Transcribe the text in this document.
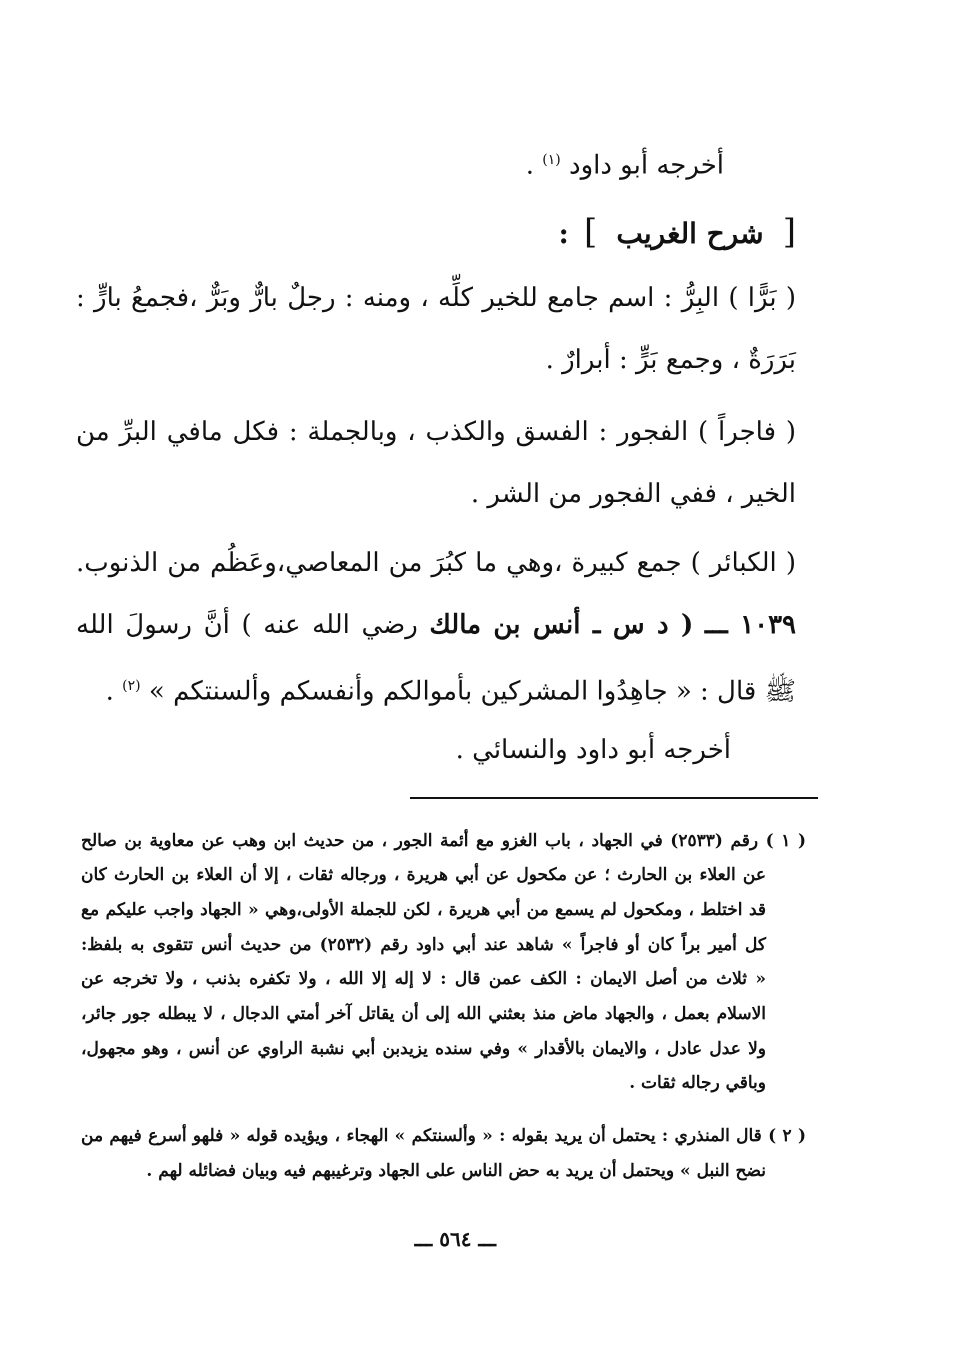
أخرجه أبو داود $^{(١)}$ .

[ شرح الغريب ] :

( بَرًّا ) البِرُّ : اسم جامع للخير كلِّه ، ومنه : رجلٌ بارٌّ وبَرٌّ ،فجمعُ بارٍّ :

بَرَرَةٌ ، وجمع بَرٍّ : أبرارٌ .

( فاجراً ) الفجور : الفسق والكذب ، وبالجملة : فكل مافي البرِّ من

الخير ، ففي الفجور من الشر .

( الكبائر ) جمع كبيرة ،وهي ما كبُرَ من المعاصي،وعَظُم من الذنوب.

١٠٣٩ ـــ ( د س ـ أنس بن مالك رضي الله عنه ) أنَّ رسولَ الله

ﷺ قال : « جاهِدُوا المشركين بأموالكم وأنفسكم وألسنتكم » $^{(٢)}$ .

أخرجه أبو داود والنسائي .

( ١ ) رقم (٢٥٣٣) في الجهاد ، باب الغزو مع أئمة الجور ، من حديث ابن وهب عن معاوية بن صالح

عن العلاء بن الحارث ؛ عن مكحول عن أبي هريرة ، ورجاله ثقات ، إلا أن العلاء بن الحارث كان

قد اختلط ، ومكحول لم يسمع من أبي هريرة ، لكن للجملة الأولى،وهي « الجهاد واجب عليكم مع

كل أمير براً كان أو فاجراً » شاهد عند أبي داود رقم (٢٥٣٢) من حديث أنس تتقوى به بلفظ:

« ثلاث من أصل الايمان : الكف عمن قال : لا إله إلا الله ، ولا تكفره بذنب ، ولا تخرجه عن

الاسلام بعمل ، والجهاد ماض منذ بعثني الله إلى أن يقاتل آخر أمتي الدجال ، لا يبطله جور جائر،

ولا عدل عادل ، والايمان بالأقدار » وفي سنده يزيدبن أبي نشبة الراوي عن أنس ، وهو مجهول،

وباقي رجاله ثقات .

( ٢ ) قال المنذري : يحتمل أن يريد بقوله : « وألسنتكم » الهجاء ، ويؤيده قوله « فلهو أسرع فيهم من

نضح النبل » ويحتمل أن يريد به حض الناس على الجهاد وترغيبهم فيه وبيان فضائله لهم .

ـــ ٥٦٤ ـــ
